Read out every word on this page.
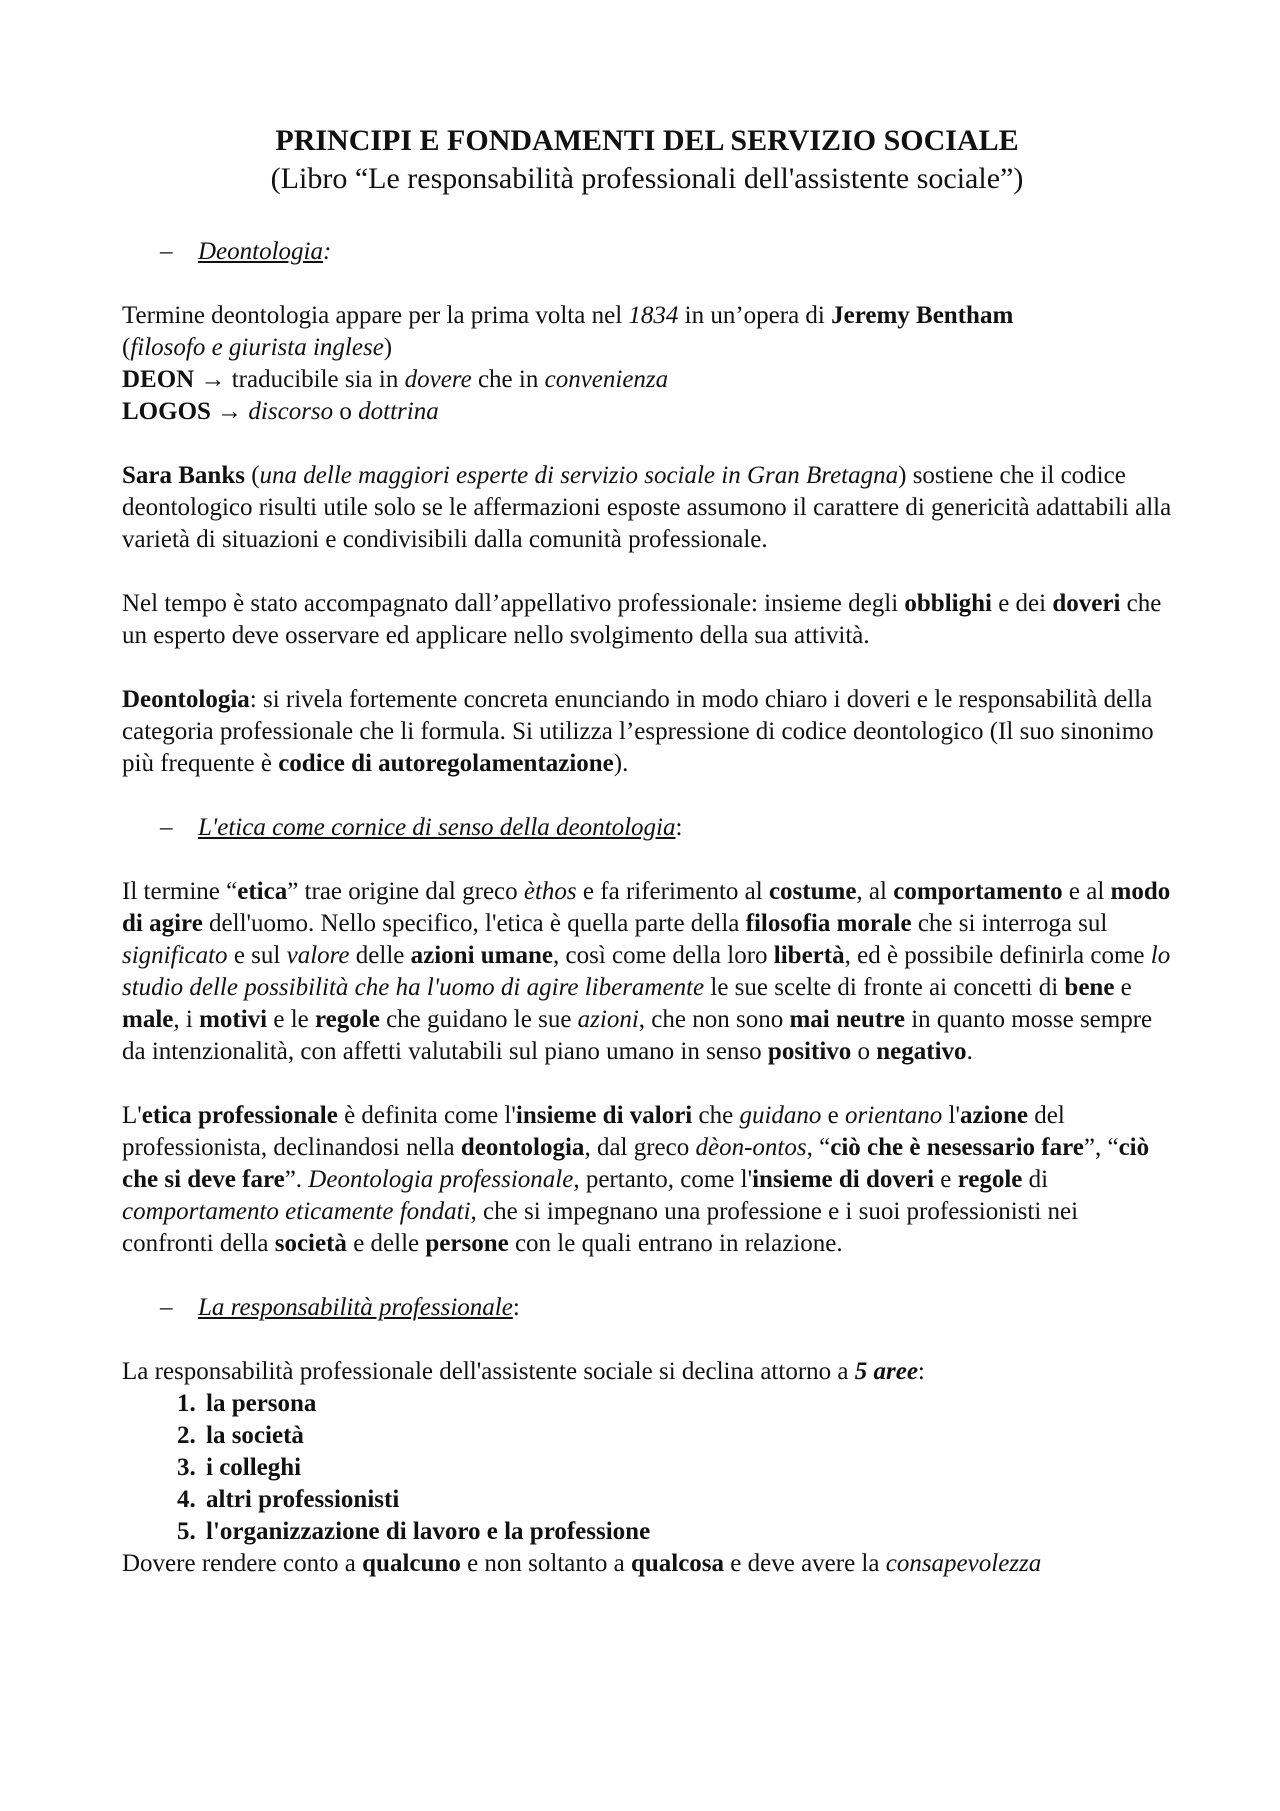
PRINCIPI E FONDAMENTI DEL SERVIZIO SOCIALE

(Libro “Le responsabilità professionali dell'assistente sociale”)

– Deontologia:

Termine deontologia appare per la prima volta nel 1834 in un’opera di Jeremy Bentham
(filosofo e giurista inglese)
DEON → traducibile sia in dovere che in convenienza
LOGOS → discorso o dottrina

Sara Banks (una delle maggiori esperte di servizio sociale in Gran Bretagna) sostiene che il codice deontologico risulti utile solo se le affermazioni esposte assumono il carattere di genericità adattabili alla varietà di situazioni e condivisibili dalla comunità professionale.

Nel tempo è stato accompagnato dall’appellativo professionale: insieme degli obblighi e dei doveri che un esperto deve osservare ed applicare nello svolgimento della sua attività.

Deontologia: si rivela fortemente concreta enunciando in modo chiaro i doveri e le responsabilità della categoria professionale che li formula. Si utilizza l’espressione di codice deontologico (Il suo sinonimo più frequente è codice di autoregolamentazione).

– L'etica come cornice di senso della deontologia:

Il termine “etica” trae origine dal greco èthos e fa riferimento al costume, al comportamento e al modo di agire dell'uomo. Nello specifico, l'etica è quella parte della filosofia morale che si interroga sul significato e sul valore delle azioni umane, così come della loro libertà, ed è possibile definirla come lo studio delle possibilità che ha l'uomo di agire liberamente le sue scelte di fronte ai concetti di bene e male, i motivi e le regole che guidano le sue azioni, che non sono mai neutre in quanto mosse sempre da intenzionalità, con affetti valutabili sul piano umano in senso positivo o negativo.

L'etica professionale è definita come l'insieme di valori che guidano e orientano l'azione del professionista, declinandosi nella deontologia, dal greco dèon-ontos, “ciò che è nesessario fare”, “ciò che si deve fare”. Deontologia professionale, pertanto, come l'insieme di doveri e regole di comportamento eticamente fondati, che si impegnano una professione e i suoi professionisti nei confronti della società e delle persone con le quali entrano in relazione.

– La responsabilità professionale:

La responsabilità professionale dell'assistente sociale si declina attorno a 5 aree:

1. la persona
2. la società
3. i colleghi
4. altri professionisti
5. l'organizzazione di lavoro e la professione

Dovere rendere conto a qualcuno e non soltanto a qualcosa e deve avere la consapevolezza
